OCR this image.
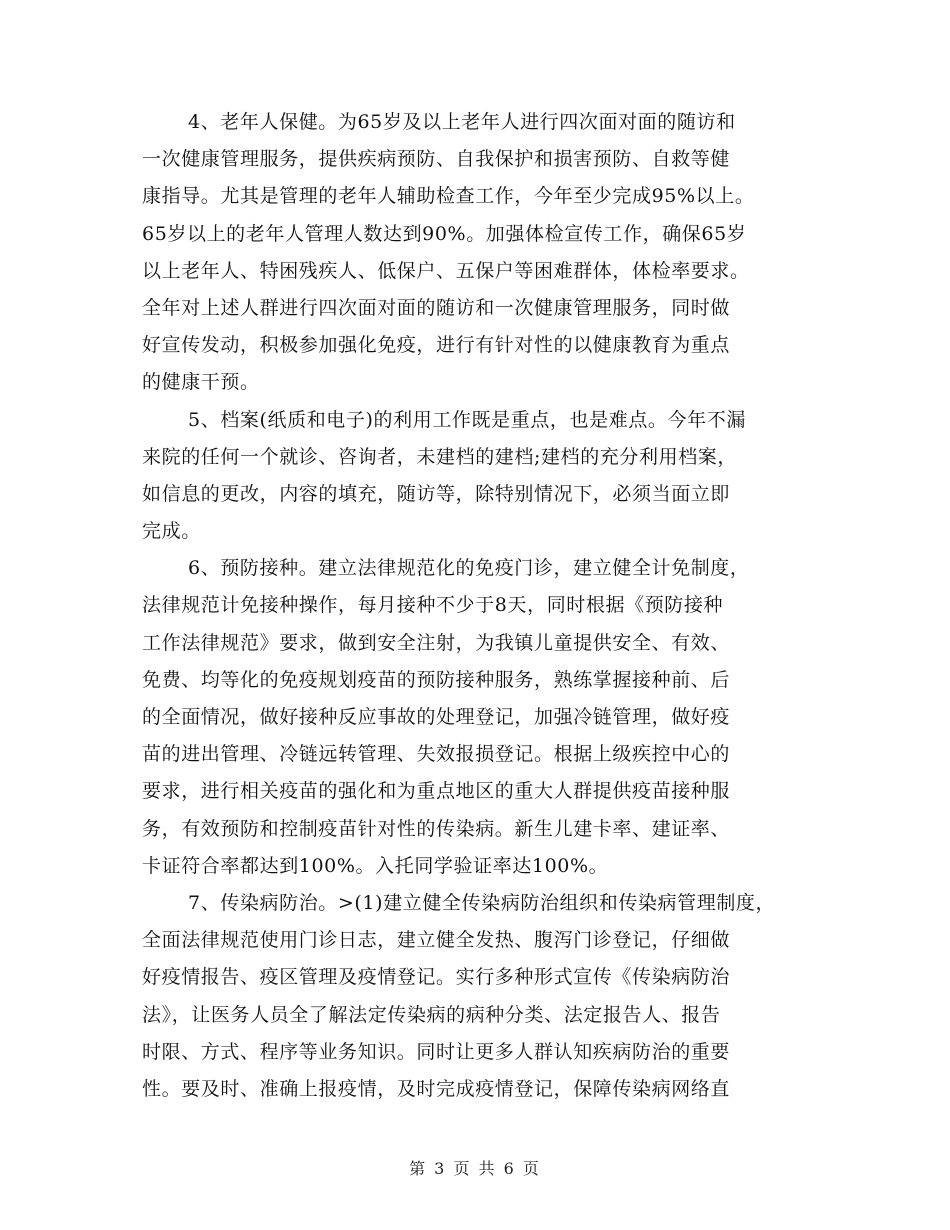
4、老年人保健。为65岁及以上老年人进行四次面对面的随访和
一次健康管理服务，提供疾病预防、自我保护和损害预防、自救等健
康指导。尤其是管理的老年人辅助检查工作，今年至少完成95%以上。
65岁以上的老年人管理人数达到90%。加强体检宣传工作，确保65岁
以上老年人、特困残疾人、低保户、五保户等困难群体，体检率要求。
全年对上述人群进行四次面对面的随访和一次健康管理服务，同时做
好宣传发动，积极参加强化免疫，进行有针对性的以健康教育为重点
的健康干预。
5、档案(纸质和电子)的利用工作既是重点，也是难点。今年不漏
来院的任何一个就诊、咨询者，未建档的建档;建档的充分利用档案，
如信息的更改，内容的填充，随访等，除特别情况下，必须当面立即
完成。
6、预防接种。建立法律规范化的免疫门诊，建立健全计免制度，
法律规范计免接种操作，每月接种不少于8天，同时根据《预防接种
工作法律规范》要求，做到安全注射，为我镇儿童提供安全、有效、
免费、均等化的免疫规划疫苗的预防接种服务，熟练掌握接种前、后
的全面情况，做好接种反应事故的处理登记，加强冷链管理，做好疫
苗的进出管理、冷链远转管理、失效报损登记。根据上级疾控中心的
要求，进行相关疫苗的强化和为重点地区的重大人群提供疫苗接种服
务，有效预防和控制疫苗针对性的传染病。新生儿建卡率、建证率、
卡证符合率都达到100%。入托同学验证率达100%。
7、传染病防治。>(1)建立健全传染病防治组织和传染病管理制度，
全面法律规范使用门诊日志，建立健全发热、腹泻门诊登记，仔细做
好疫情报告、疫区管理及疫情登记。实行多种形式宣传《传染病防治
法》，让医务人员全了解法定传染病的病种分类、法定报告人、报告
时限、方式、程序等业务知识。同时让更多人群认知疾病防治的重要
性。要及时、准确上报疫情，及时完成疫情登记，保障传染病网络直
第 3 页 共 6 页
